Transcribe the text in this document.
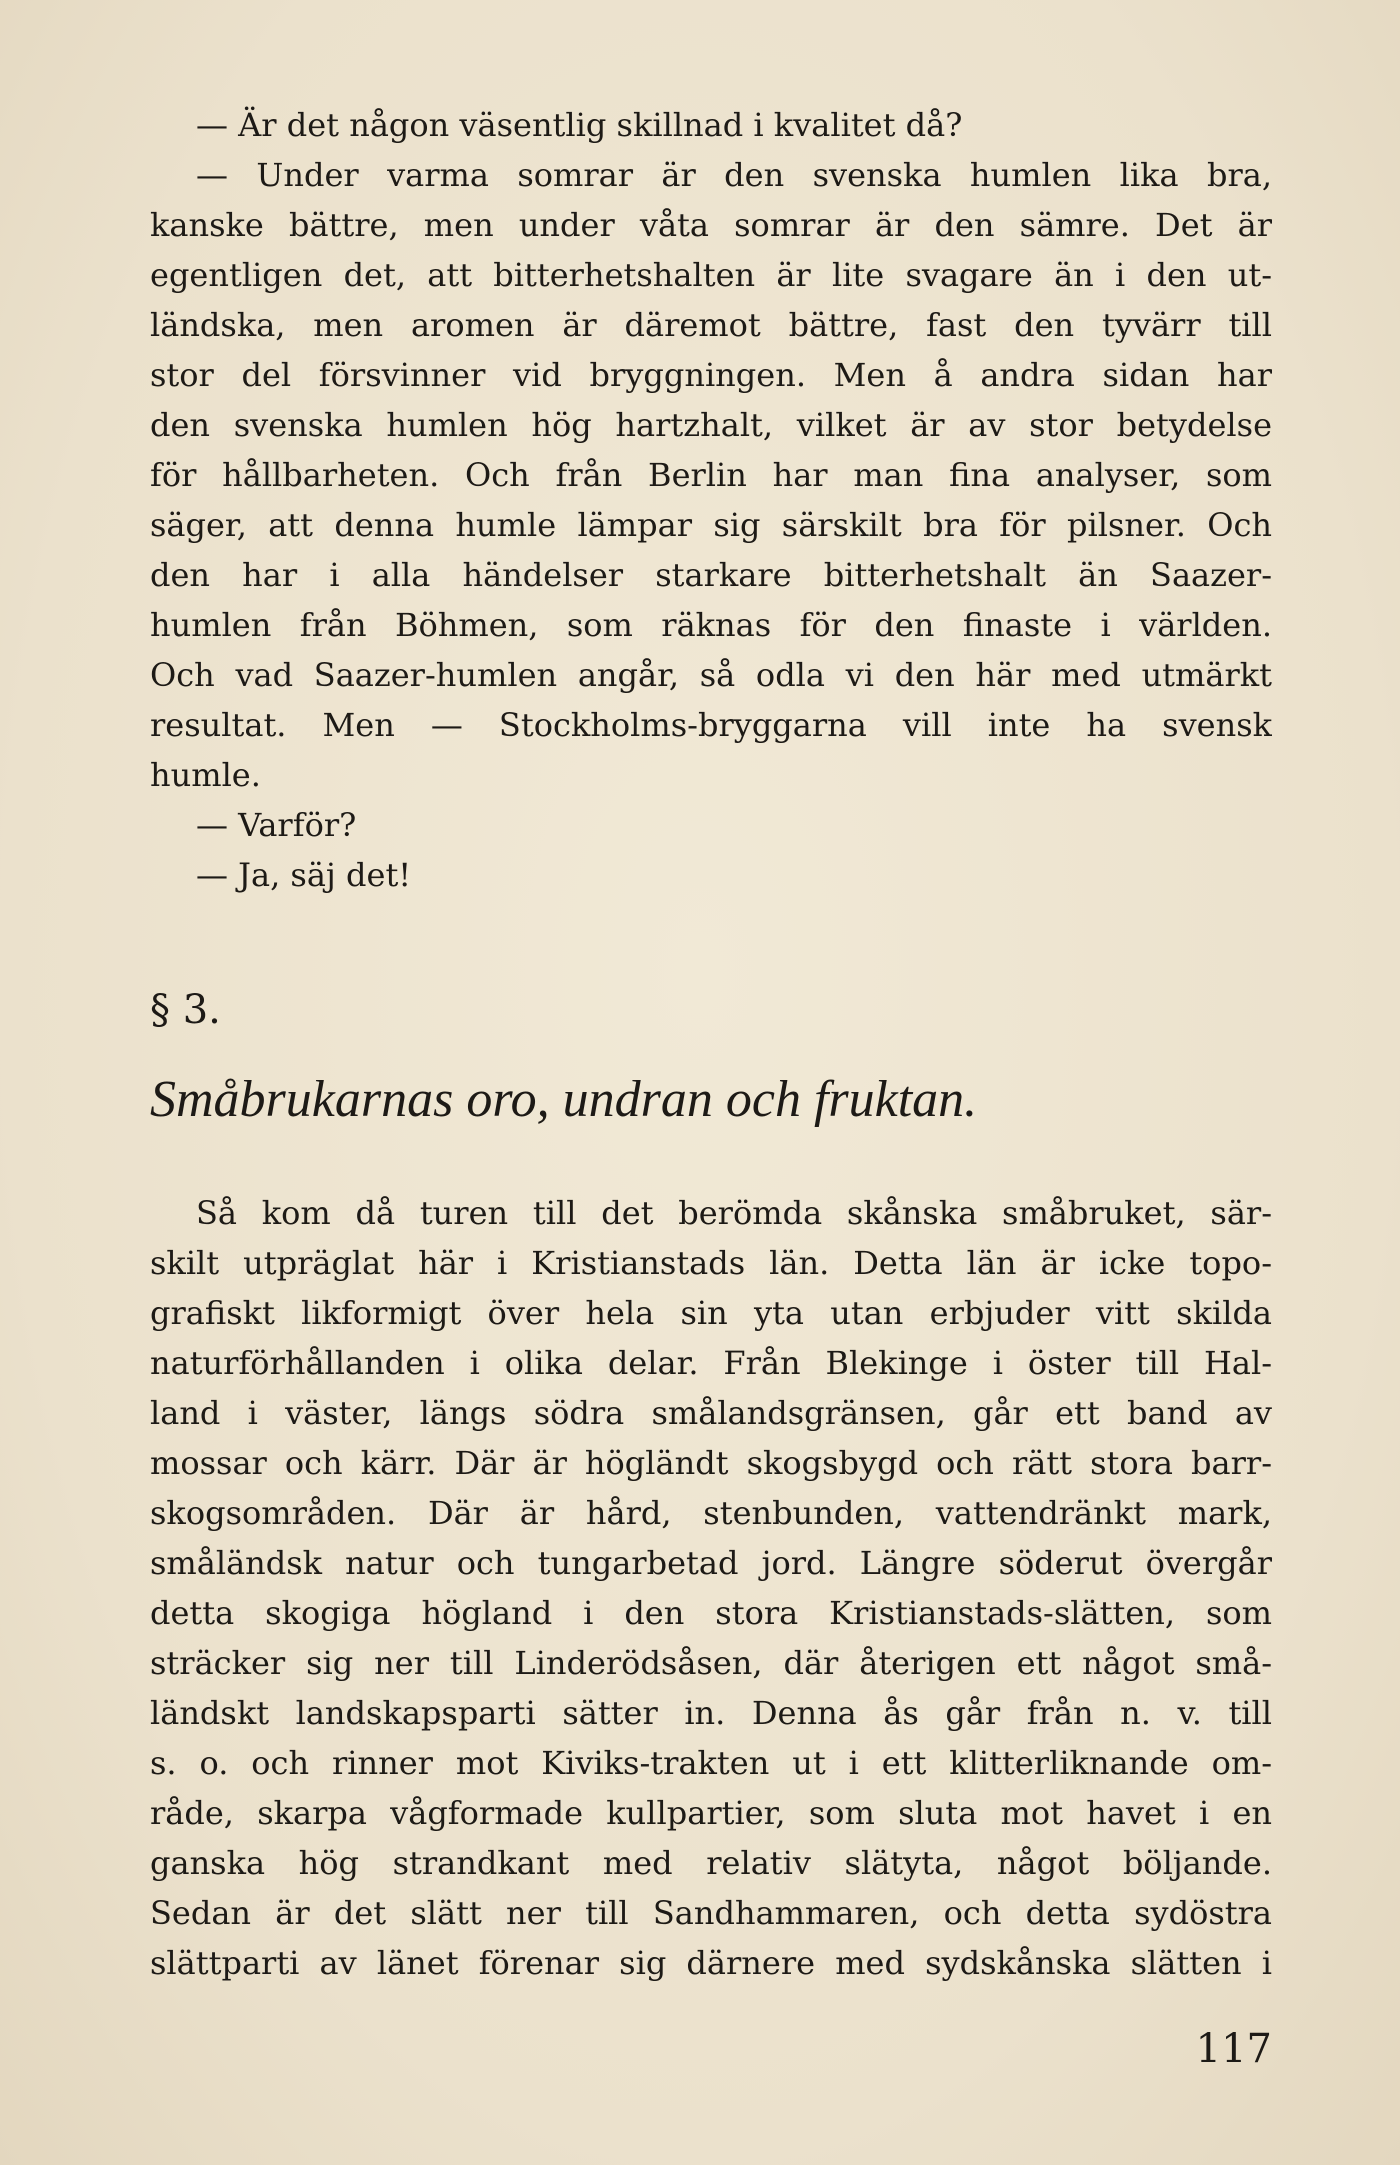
— Är det någon väsentlig skillnad i kvalitet då?
— Under varma somrar är den svenska humlen lika bra,
kanske bättre, men under våta somrar är den sämre. Det är
egentligen det, att bitterhetshalten är lite svagare än i den ut-
ländska, men aromen är däremot bättre, fast den tyvärr till
stor del försvinner vid bryggningen. Men å andra sidan har
den svenska humlen hög hartzhalt, vilket är av stor betydelse
för hållbarheten. Och från Berlin har man fina analyser, som
säger, att denna humle lämpar sig särskilt bra för pilsner. Och
den har i alla händelser starkare bitterhetshalt än Saazer-
humlen från Böhmen, som räknas för den finaste i världen.
Och vad Saazer-humlen angår, så odla vi den här med utmärkt
resultat. Men — Stockholms-bryggarna vill inte ha svensk
humle.
— Varför?
— Ja, säj det!
§ 3.
Småbrukarnas oro, undran och fruktan.
Så kom då turen till det berömda skånska småbruket, sär-
skilt utpräglat här i Kristianstads län. Detta län är icke topo-
grafiskt likformigt över hela sin yta utan erbjuder vitt skilda
naturförhållanden i olika delar. Från Blekinge i öster till Hal-
land i väster, längs södra smålandsgränsen, går ett band av
mossar och kärr. Där är högländt skogsbygd och rätt stora barr-
skogsområden. Där är hård, stenbunden, vattendränkt mark,
småländsk natur och tungarbetad jord. Längre söderut övergår
detta skogiga högland i den stora Kristianstads-slätten, som
sträcker sig ner till Linderödsåsen, där återigen ett något små-
ländskt landskapsparti sätter in. Denna ås går från n. v. till
s. o. och rinner mot Kiviks-trakten ut i ett klitterliknande om-
råde, skarpa vågformade kullpartier, som sluta mot havet i en
ganska hög strandkant med relativ slätyta, något böljande.
Sedan är det slätt ner till Sandhammaren, och detta sydöstra
slättparti av länet förenar sig därnere med sydskånska slätten i
117
